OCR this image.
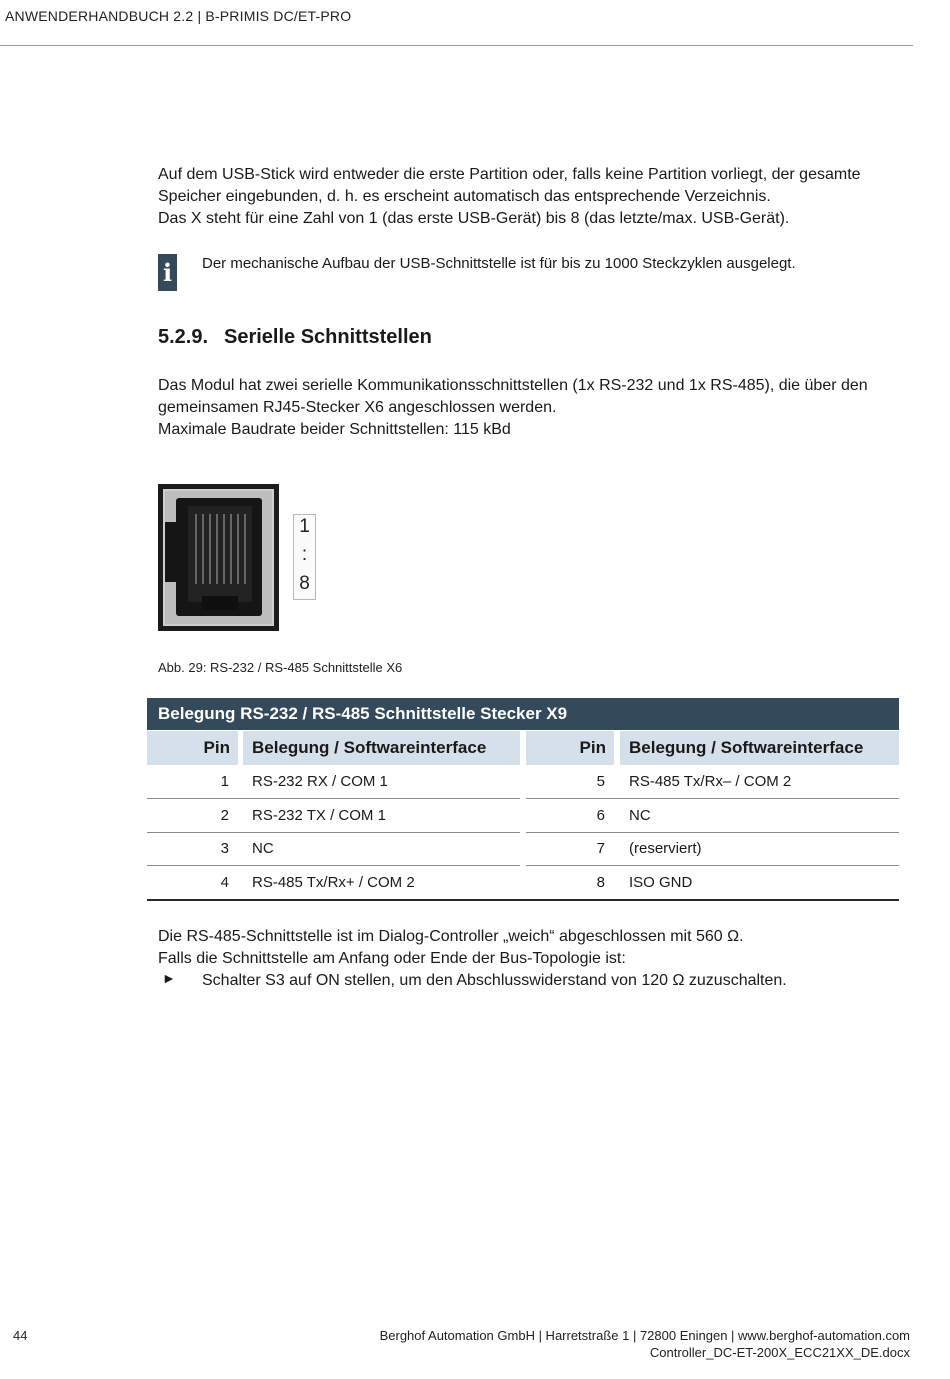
ANWENDERHANDBUCH 2.2 | B-PRIMIS DC/ET-PRO
Auf dem USB-Stick wird entweder die erste Partition oder, falls keine Partition vorliegt, der gesamte
Speicher eingebunden, d. h. es erscheint automatisch das entsprechende Verzeichnis.
Das X steht für eine Zahl von 1 (das erste USB-Gerät) bis 8 (das letzte/max. USB-Gerät).
i	Der mechanische Aufbau der USB-Schnittstelle ist für bis zu 1000 Steckzyklen ausgelegt.
5.2.9. Serielle Schnittstellen
Das Modul hat zwei serielle Kommunikationsschnittstellen (1x RS-232 und 1x RS-485), die über den
gemeinsamen RJ45-Stecker X6 angeschlossen werden.
Maximale Baudrate beider Schnittstellen: 115 kBd
1
:
8
Abb. 29: RS-232 / RS-485 Schnittstelle X6
Belegung RS-232 / RS-485 Schnittstelle Stecker X9
Pin	Belegung / Softwareinterface	Pin	Belegung / Softwareinterface
1	RS-232 RX / COM 1	5	RS-485 Tx/Rx– / COM 2
2	RS-232 TX / COM 1	6	NC
3	NC	7	(reserviert)
4	RS-485 Tx/Rx+ / COM 2	8	ISO GND
Die RS-485-Schnittstelle ist im Dialog-Controller „weich“ abgeschlossen mit 560 Ω.
Falls die Schnittstelle am Anfang oder Ende der Bus-Topologie ist:
► Schalter S3 auf ON stellen, um den Abschlusswiderstand von 120 Ω zuzuschalten.
44	Berghof Automation GmbH | Harretstraße 1 | 72800 Eningen | www.berghof-automation.com
Controller_DC-ET-200X_ECC21XX_DE.docx
